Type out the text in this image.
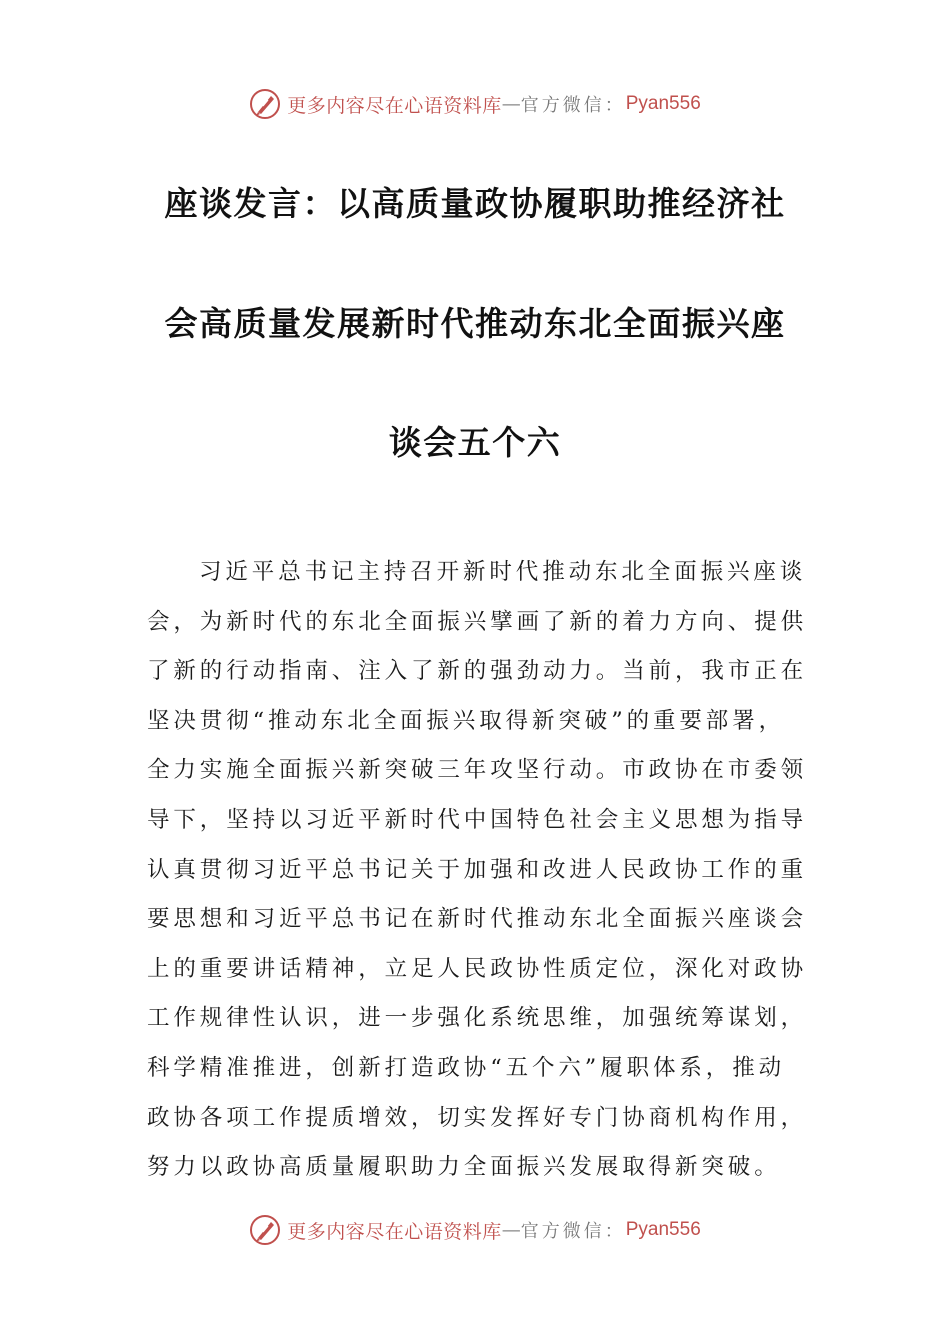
更多内容尽在心语资料库 — 官方微信： Pyan556
座谈发言：以高质量政协履职助推经济社
会高质量发展新时代推动东北全面振兴座
谈会五个六
习近平总书记主持召开新时代推动东北全面振兴座谈
会，为新时代的东北全面振兴擘画了新的着力方向、提供
了新的行动指南、注入了新的强劲动力。当前，我市正在
坚决贯彻“推动东北全面振兴取得新突破”的重要部署，
全力实施全面振兴新突破三年攻坚行动。市政协在市委领
导下，坚持以习近平新时代中国特色社会主义思想为指导
认真贯彻习近平总书记关于加强和改进人民政协工作的重
要思想和习近平总书记在新时代推动东北全面振兴座谈会
上的重要讲话精神，立足人民政协性质定位，深化对政协
工作规律性认识，进一步强化系统思维，加强统筹谋划，
科学精准推进，创新打造政协“五个六”履职体系，推动
政协各项工作提质增效，切实发挥好专门协商机构作用，
努力以政协高质量履职助力全面振兴发展取得新突破。
更多内容尽在心语资料库 — 官方微信： Pyan556
